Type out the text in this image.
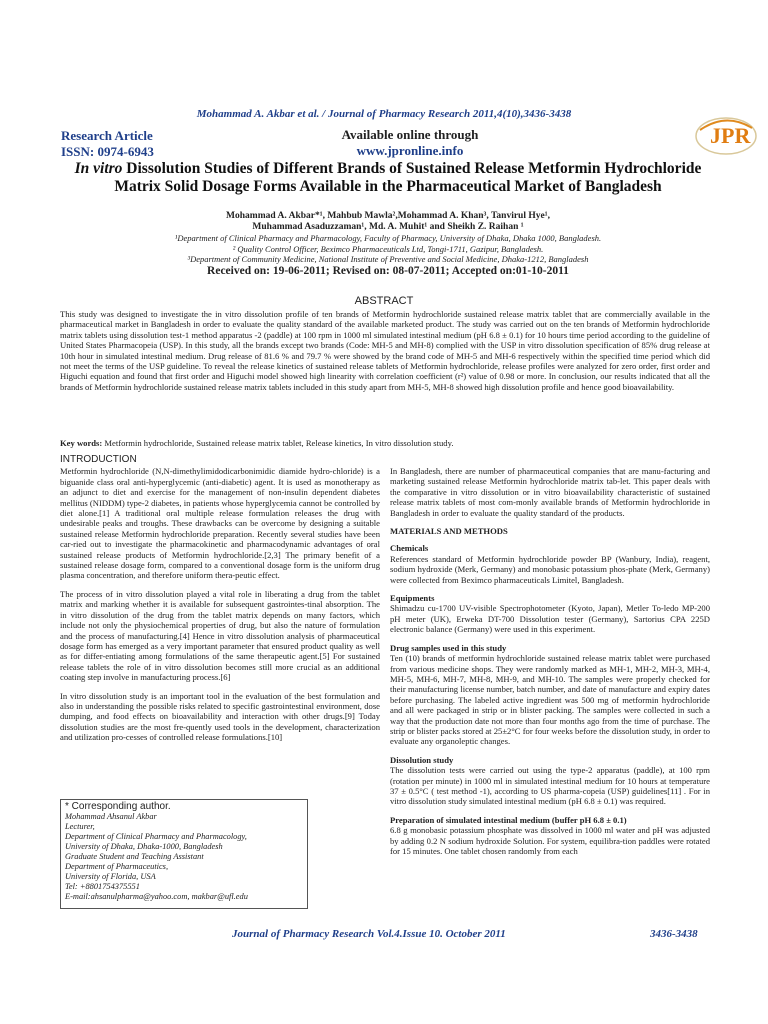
Mohammad A. Akbar et al. / Journal of Pharmacy Research 2011,4(10),3436-3438
Research Article
ISSN: 0974-6943
Available online through
www.jpronline.info
JPR
In vitro Dissolution Studies of Different Brands of Sustained Release Metformin Hydrochloride Matrix Solid Dosage Forms Available in the Pharmaceutical Market of Bangladesh
Mohammad A. Akbar*¹, Mahbub Mawla²,Mohammad A. Khan³, Tanvirul Hye¹,
Muhammad Asaduzzaman¹, Md. A. Muhit¹ and Sheikh Z. Raihan ¹
¹Department of Clinical Pharmacy and Pharmacology, Faculty of Pharmacy, University of Dhaka, Dhaka 1000, Bangladesh.
² Quality Control Officer, Beximco Pharmaceuticals Ltd, Tongi-1711, Gazipur, Bangladesh.
³Department of Community Medicine, National Institute of Preventive and Social Medicine, Dhaka-1212, Bangladesh
Received on: 19-06-2011; Revised on: 08-07-2011; Accepted on:01-10-2011
ABSTRACT
This study was designed to investigate the in vitro dissolution profile of ten brands of Metformin hydrochloride sustained release matrix tablet that are commercially available in the pharmaceutical market in Bangladesh in order to evaluate the quality standard of the available marketed product. The study was carried out on the ten brands of Metformin hydrochloride matrix tablets using dissolution test-1 method apparatus -2 (paddle) at 100 rpm in 1000 ml simulated intestinal medium (pH 6.8 ± 0.1) for 10 hours time period according to the guideline of United States Pharmacopeia (USP). In this study, all the brands except two brands (Code: MH-5 and MH-8) complied with the USP in vitro dissolution specification of 85% drug release at 10th hour in simulated intestinal medium. Drug release of 81.6 % and 79.7 % were showed by the brand code of MH-5 and MH-6 respectively within the specified time period which did not meet the terms of the USP guideline. To reveal the release kinetics of sustained release tablets of Metformin hydrochloride, release profiles were analyzed for zero order, first order and Higuchi equation and found that first order and Higuchi model showed high linearity with correlation coefficient (r²) value of 0.98 or more. In conclusion, our results indicated that all the brands of Metformin hydrochloride sustained release matrix tablets included in this study apart from MH-5, MH-8 showed high dissolution profile and hence good bioavailability.
Key words: Metformin hydrochloride, Sustained release matrix tablet, Release kinetics, In vitro dissolution study.
INTRODUCTION

Metformin hydrochloride (N,N-dimethylimidodicarbonimidic diamide hydro-chloride) is a biguanide class oral anti-hyperglycemic (anti-diabetic) agent. It is used as monotherapy as an adjunct to diet and exercise for the management of non-insulin dependent diabetes mellitus (NIDDM) type-2 diabetes, in patients whose hyperglycemia cannot be controlled by diet alone.[1] A traditional oral multiple release formulation releases the drug with undesirable peaks and troughs. These drawbacks can be overcome by designing a suitable sustained release Metformin hydrochloride preparation. Recently several studies have been car-ried out to investigate the pharmacokinetic and pharmacodynamic advantages of oral sustained release products of Metformin hydrochloride.[2,3] The primary benefit of a sustained release dosage form, compared to a conventional dosage form is the uniform drug plasma concentration, and therefore uniform thera-peutic effect.

The process of in vitro dissolution played a vital role in liberating a drug from the tablet matrix and marking whether it is available for subsequent gastrointes-tinal absorption. The in vitro dissolution of the drug from the tablet matrix depends on many factors, which include not only the physiochemical properties of drug, but also the nature of formulation and the process of manufacturing.[4] Hence in vitro dissolution analysis of pharmaceutical dosage form has emerged as a very important parameter that ensured product quality as well as for differ-entiating among formulations of the same therapeutic agent.[5] For sustained release tablets the role of in vitro dissolution becomes still more crucial as an additional coating step involve in manufacturing process.[6]

In vitro dissolution study is an important tool in the evaluation of the best formulation and also in understanding the possible risks related to specific gastrointestinal environment, dose dumping, and food effects on bioavailability and interaction with other drugs.[9] Today dissolution studies are the most fre-quently used tools in the development, characterization and utilization pro-cesses of controlled release formulations.[10]

* Corresponding author.
Mohammad Ahsanul Akbar
Lecturer,
Department of Clinical Pharmacy and Pharmacology,
University of Dhaka, Dhaka-1000, Bangladesh
Graduate Student and Teaching Assistant
Department of Pharmaceutics,
University of Florida, USA
Tel: +8801754375551
E-mail:ahsanulpharma@yahoo.com, makbar@ufl.edu

In Bangladesh, there are number of pharmaceutical companies that are manu-facturing and marketing sustained release Metformin hydrochloride matrix tab-let. This paper deals with the comparative in vitro dissolution or in vitro bioavailability characteristic of sustained release matrix tablets of most com-monly available brands of Metformin hydrochloride in Bangladesh in order to evaluate the quality standard of the products.

MATERIALS AND METHODS
Chemicals

References standard of Metformin hydrochloride powder BP (Wanbury, India), reagent, sodium hydroxide (Merk, Germany) and monobasic potassium phos-phate (Merk, Germany) were collected from Beximco pharmaceuticals Limitel, Bangladesh.

Equipments

Shimadzu cu-1700 UV-visible Spectrophotometer (Kyoto, Japan), Metler To-ledo MP-200 pH meter (UK), Erweka DT-700 Dissolution tester (Germany), Sartorius CPA 225D electronic balance (Germany) were used in this experiment.

Drug samples used in this study

Ten (10) brands of metformin hydrochloride sustained release matrix tablet were purchased from various medicine shops. They were randomly marked as MH-1, MH-2, MH-3, MH-4, MH-5, MH-6, MH-7, MH-8, MH-9, and MH-10. The samples were properly checked for their manufacturing license number, batch number, and date of manufacture and expiry dates before purchasing. The labeled active ingredient was 500 mg of metformin hydrochloride and all were packaged in strip or in blister packing. The samples were collected in such a way that the production date not more than four months ago from the time of purchase. The strip or blister packs stored at 25±2°C for four weeks before the dissolution study, in order to evaluate any organoleptic changes.

Dissolution study

The dissolution tests were carried out using the type-2 apparatus (paddle), at 100 rpm (rotation per minute) in 1000 ml in simulated intestinal medium for 10 hours at temperature 37 ± 0.5°C ( test method -1), according to US pharma-copeia (USP) guidelines[11] . For in vitro dissolution study simulated intestinal medium (pH 6.8 ± 0.1) was required.

Preparation of simulated intestinal medium (buffer pH 6.8 ± 0.1)

6.8 g monobasic potassium phosphate was dissolved in 1000 ml water and pH was adjusted by adding 0.2 N sodium hydroxide Solution. For system, equilibra-tion paddles were rotated for 15 minutes. One tablet chosen randomly from each

Journal of Pharmacy Research Vol.4.Issue 10. October 2011	3436-3438
